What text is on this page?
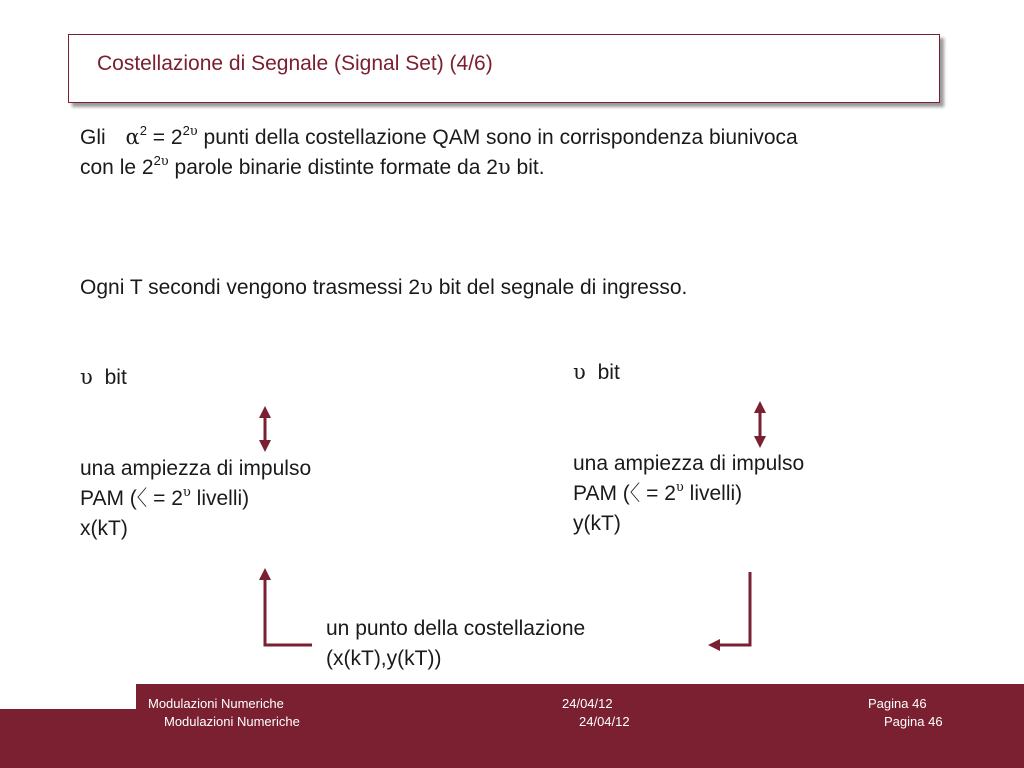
Costellazione di Segnale (Signal Set) (4/6)
Gli $\alpha^2 = 2^{2\upsilon}$ punti della costellazione QAM sono in corrispondenza biunivoca
con le $2^{2\upsilon}$ parole binarie distinte formate da 2υ bit.
Ogni T secondi vengono trasmessi 2υ bit del segnale di ingresso.
υ bit
una ampiezza di impulso
PAM (〈 = $2^\upsilon$ livelli)
x(kT)
υ bit
una ampiezza di impulso
PAM (〈 = $2^\upsilon$ livelli)
y(kT)
un punto della costellazione
(x(kT),y(kT))
Modulazioni Numeriche	24/04/12	Pagina 46
Modulazioni Numeriche	24/04/12	Pagina 46
